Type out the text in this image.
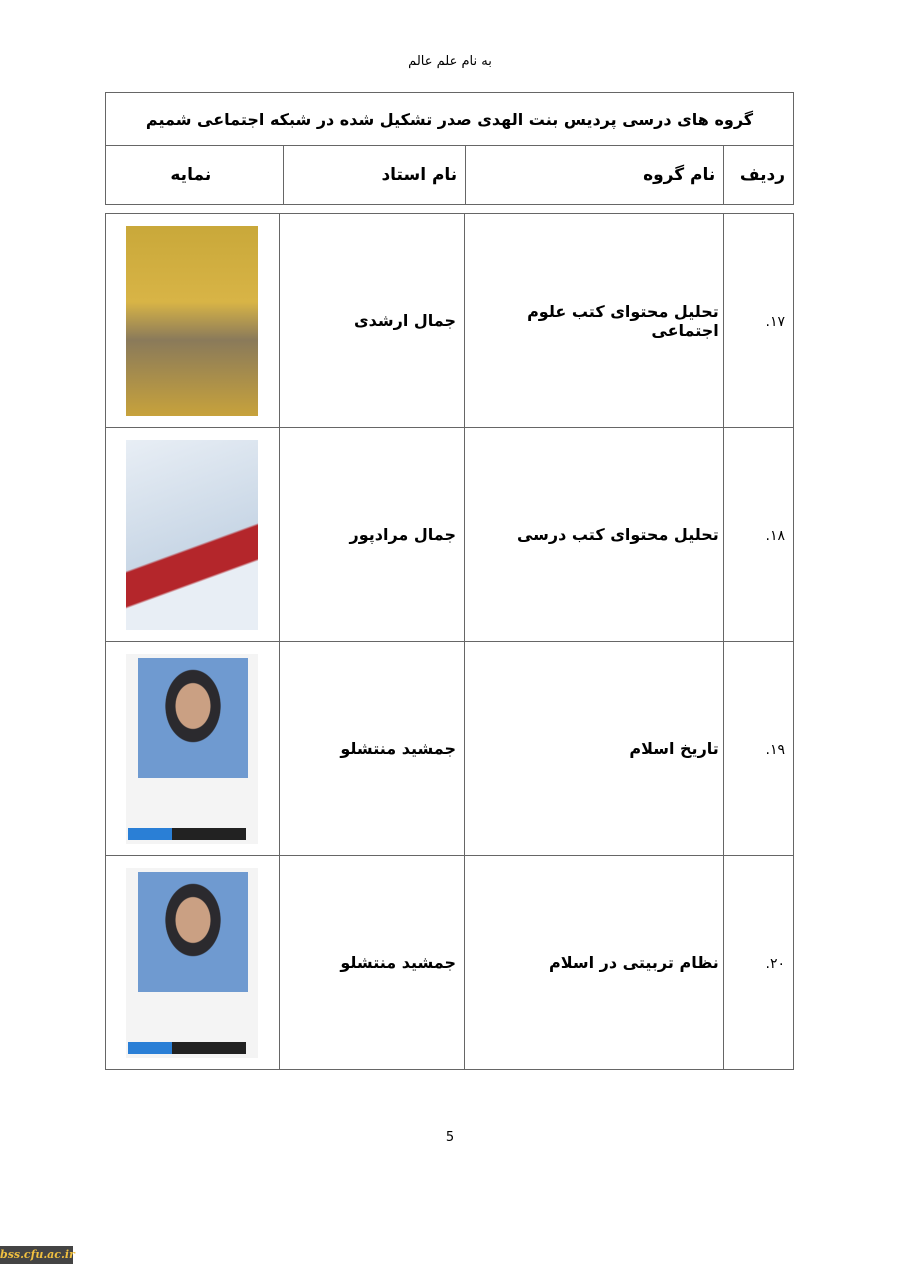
به نام علم عالم
گروه های درسی پردیس بنت الهدی صدر تشکیل شده در شبکه اجتماعی شمیم
ردیف	نام گروه	نام استاد	نمایه
۱۷.	تحلیل محتوای کتب علوم اجتماعی	جمال ارشدی	

۱۸.	تحلیل محتوای کتب درسی	جمال مرادپور	

۱۹.	تاریخ اسلام	جمشید منتشلو	

۲۰.	نظام تربیتی در اسلام	جمشید منتشلو	
5
bss.cfu.ac.ir
